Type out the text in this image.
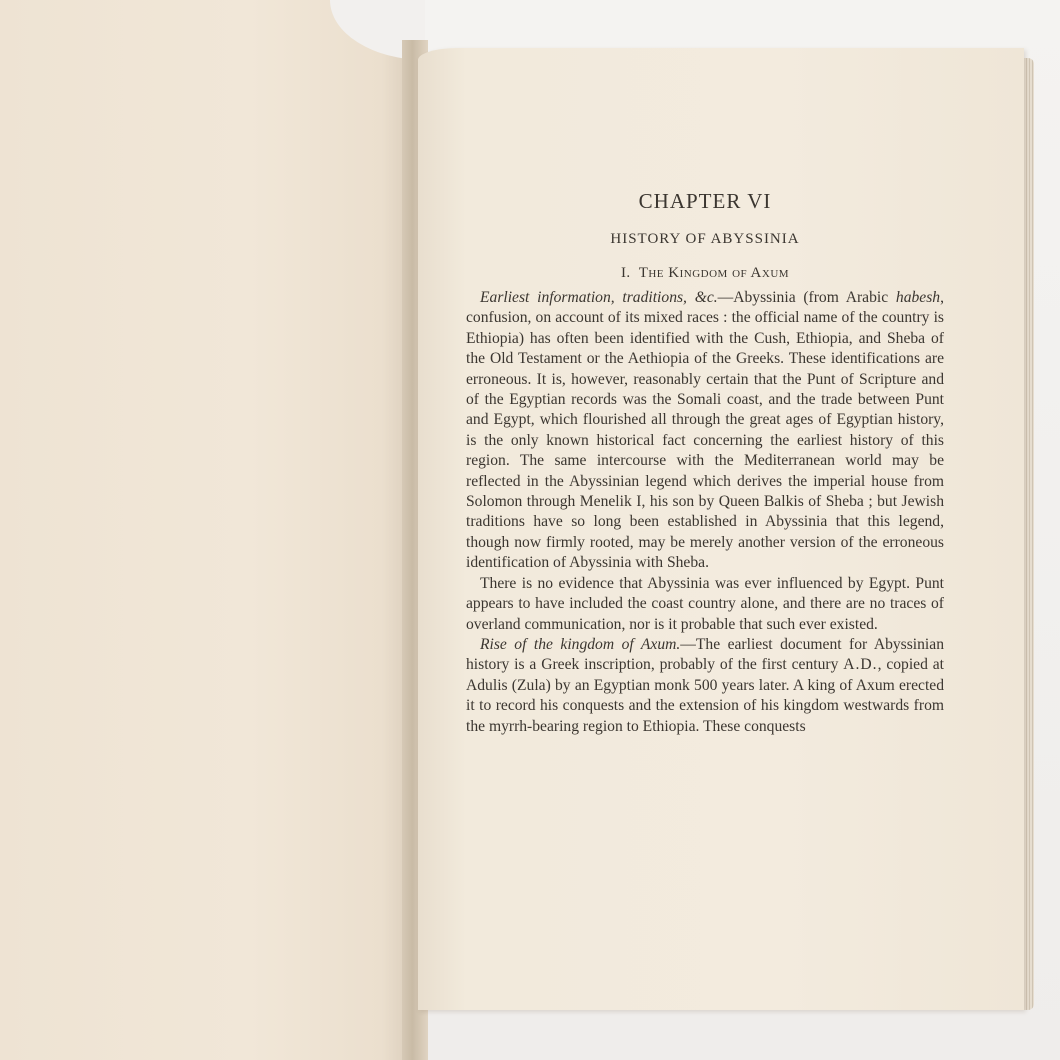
CHAPTER VI
HISTORY OF ABYSSINIA
I. The Kingdom of Axum

Earliest information, traditions, &c.—Abyssinia (from Arabic habesh, confusion, on account of its mixed races : the official name of the country is Ethiopia) has often been identified with the Cush, Ethiopia, and Sheba of the Old Testament or the Aethiopia of the Greeks. These identifications are erroneous. It is, however, reasonably certain that the Punt of Scripture and of the Egyptian records was the Somali coast, and the trade between Punt and Egypt, which flourished all through the great ages of Egyptian history, is the only known historical fact concerning the earliest history of this region. The same intercourse with the Mediterranean world may be reflected in the Abyssinian legend which derives the imperial house from Solomon through Menelik I, his son by Queen Balkis of Sheba ; but Jewish traditions have so long been established in Abyssinia that this legend, though now firmly rooted, may be merely another version of the erroneous identification of Abyssinia with Sheba.

There is no evidence that Abyssinia was ever influenced by Egypt. Punt appears to have included the coast country alone, and there are no traces of overland communication, nor is it probable that such ever existed.

Rise of the kingdom of Axum.—The earliest document for Abyssinian history is a Greek inscription, probably of the first century A.D., copied at Adulis (Zula) by an Egyptian monk 500 years later. A king of Axum erected it to record his conquests and the extension of his kingdom westwards from the myrrh-bearing region to Ethiopia. These conquests
